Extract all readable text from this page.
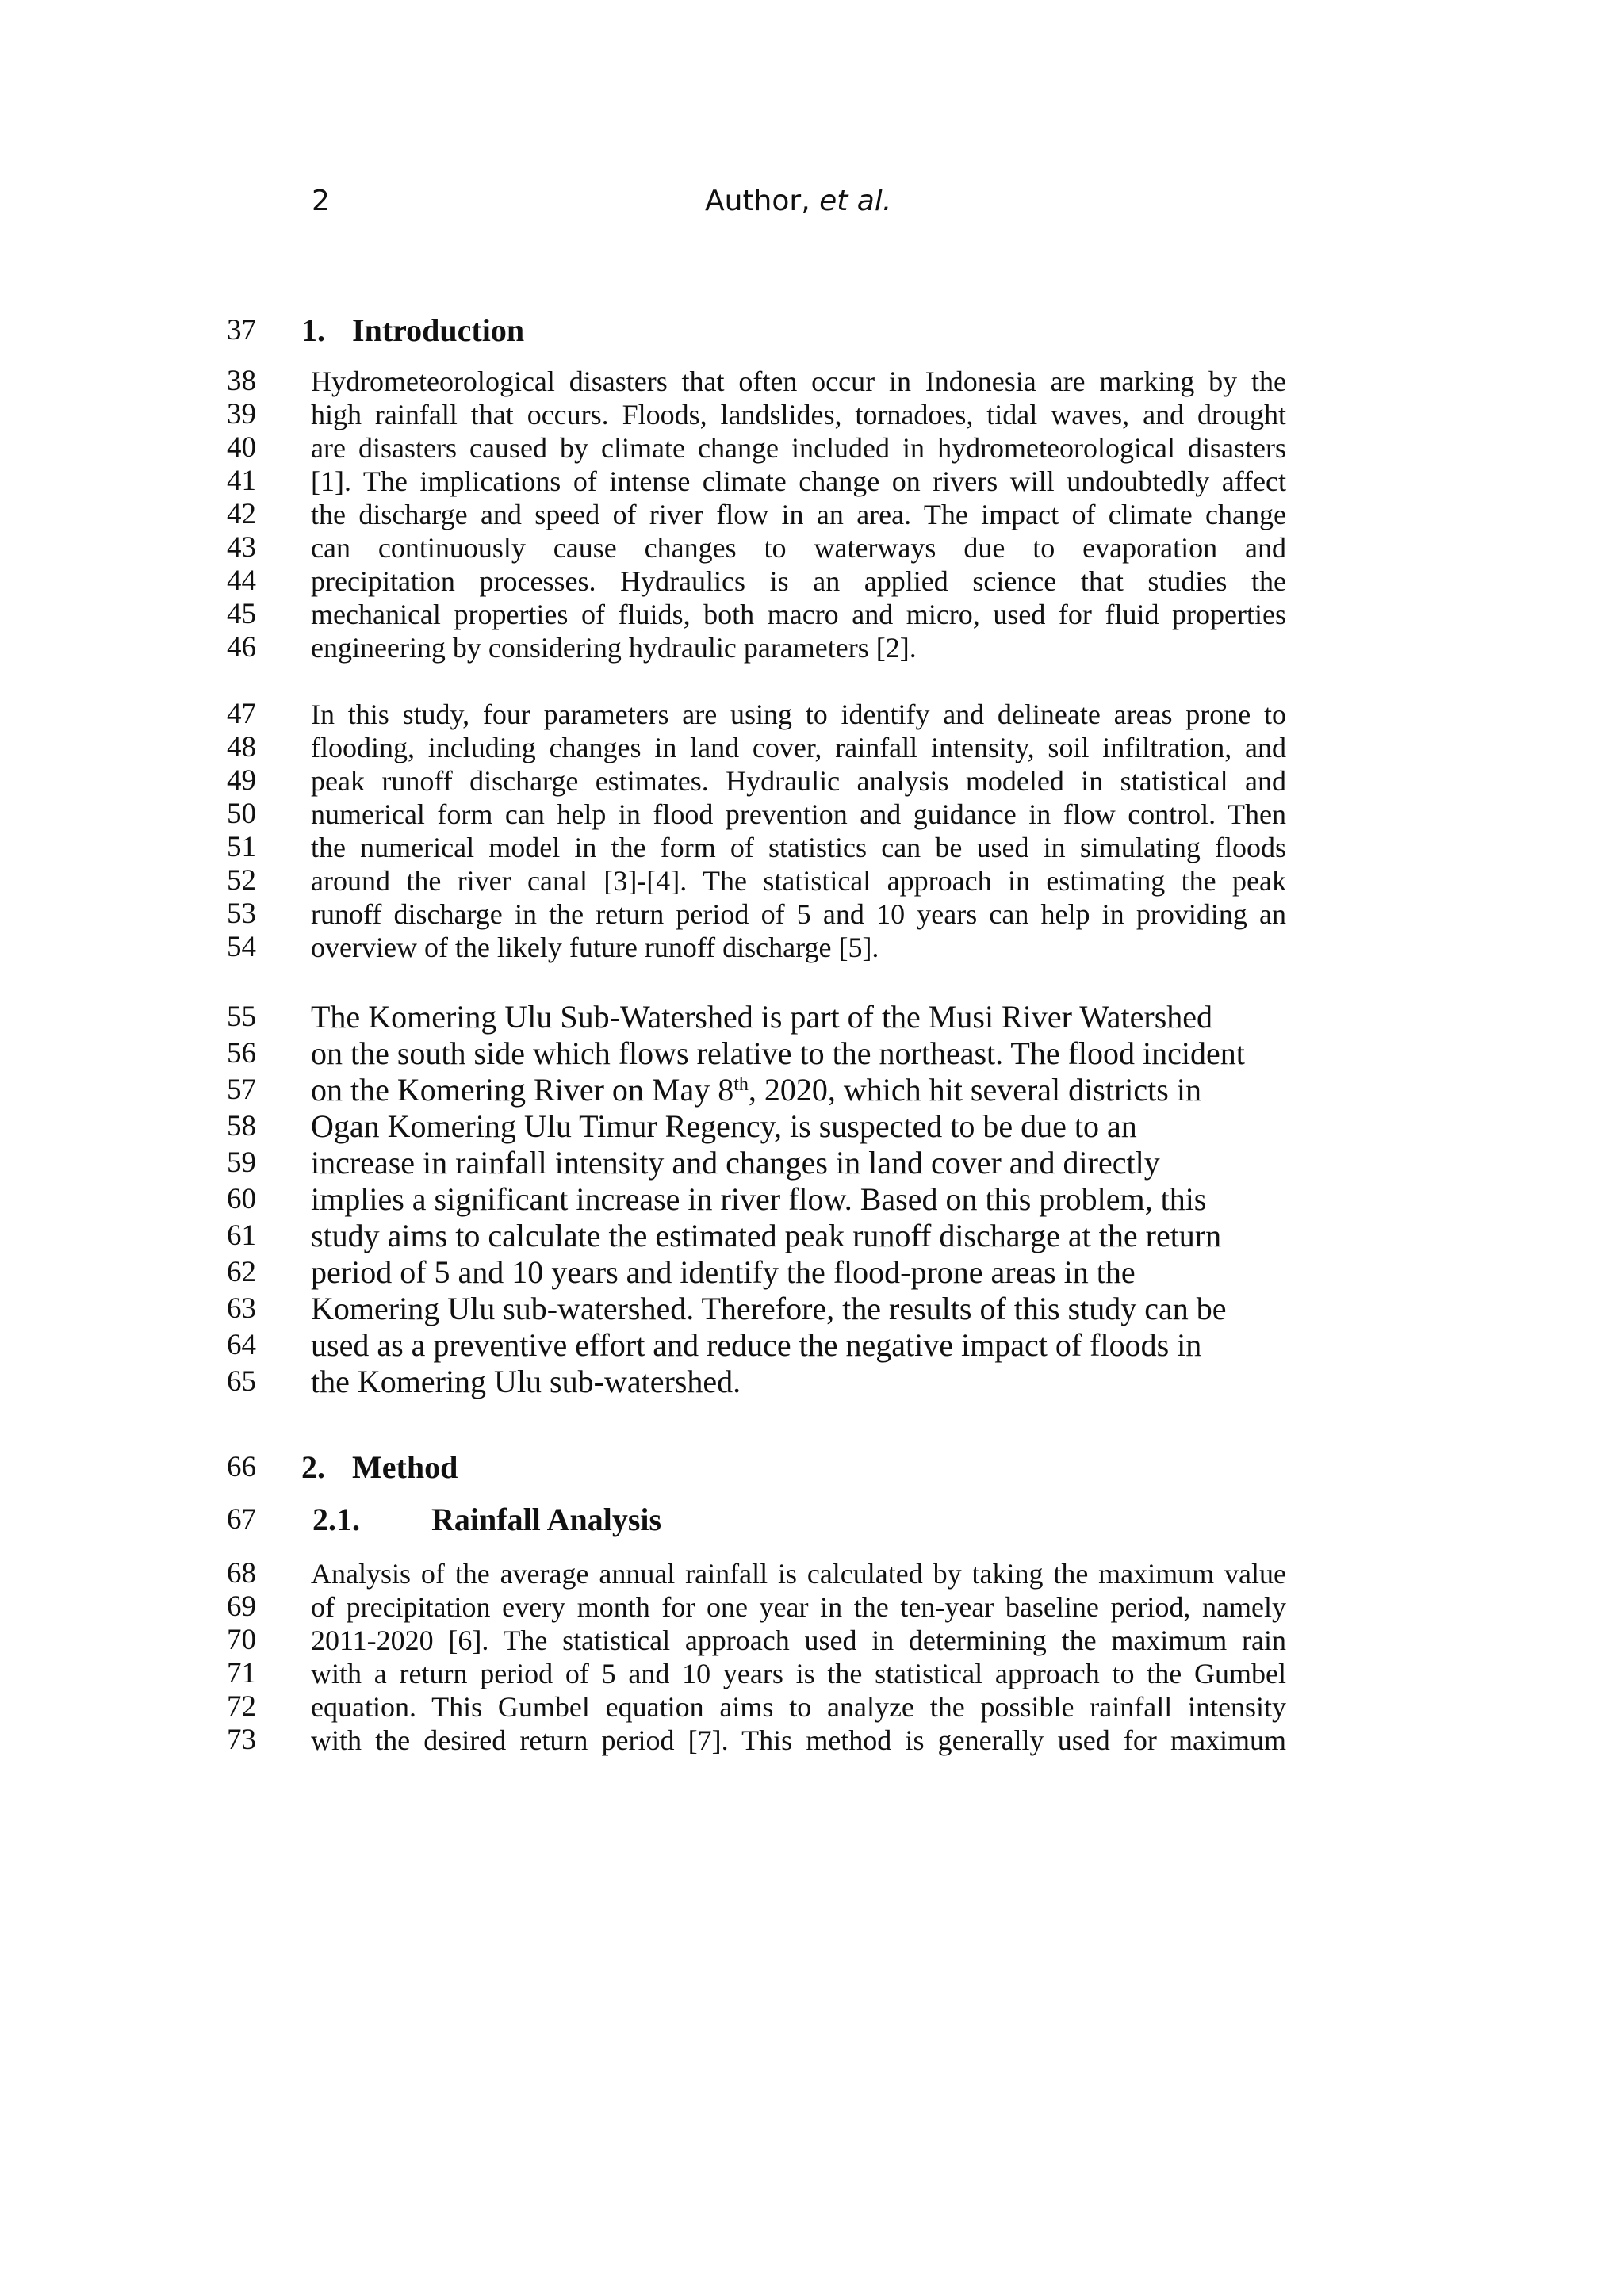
2	Author, et al.
37	1. Introduction
38	Hydrometeorological disasters that often occur in Indonesia are marking by the
39	high rainfall that occurs. Floods, landslides, tornadoes, tidal waves, and drought
40	are disasters caused by climate change included in hydrometeorological disasters
41	[1]. The implications of intense climate change on rivers will undoubtedly affect
42	the discharge and speed of river flow in an area. The impact of climate change
43	can continuously cause changes to waterways due to evaporation and
44	precipitation processes. Hydraulics is an applied science that studies the
45	mechanical properties of fluids, both macro and micro, used for fluid properties
46	engineering by considering hydraulic parameters [2].
47	In this study, four parameters are using to identify and delineate areas prone to
48	flooding, including changes in land cover, rainfall intensity, soil infiltration, and
49	peak runoff discharge estimates. Hydraulic analysis modeled in statistical and
50	numerical form can help in flood prevention and guidance in flow control. Then
51	the numerical model in the form of statistics can be used in simulating floods
52	around the river canal [3]-[4]. The statistical approach in estimating the peak
53	runoff discharge in the return period of 5 and 10 years can help in providing an
54	overview of the likely future runoff discharge [5].
55	The Komering Ulu Sub-Watershed is part of the Musi River Watershed
56	on the south side which flows relative to the northeast. The flood incident
57	on the Komering River on May 8th, 2020, which hit several districts in
58	Ogan Komering Ulu Timur Regency, is suspected to be due to an
59	increase in rainfall intensity and changes in land cover and directly
60	implies a significant increase in river flow. Based on this problem, this
61	study aims to calculate the estimated peak runoff discharge at the return
62	period of 5 and 10 years and identify the flood-prone areas in the
63	Komering Ulu sub-watershed. Therefore, the results of this study can be
64	used as a preventive effort and reduce the negative impact of floods in
65	the Komering Ulu sub-watershed.
66	2. Method
67	2.1. Rainfall Analysis
68	Analysis of the average annual rainfall is calculated by taking the maximum value
69	of precipitation every month for one year in the ten-year baseline period, namely
70	2011-2020 [6]. The statistical approach used in determining the maximum rain
71	with a return period of 5 and 10 years is the statistical approach to the Gumbel
72	equation. This Gumbel equation aims to analyze the possible rainfall intensity
73	with the desired return period [7]. This method is generally used for maximum
